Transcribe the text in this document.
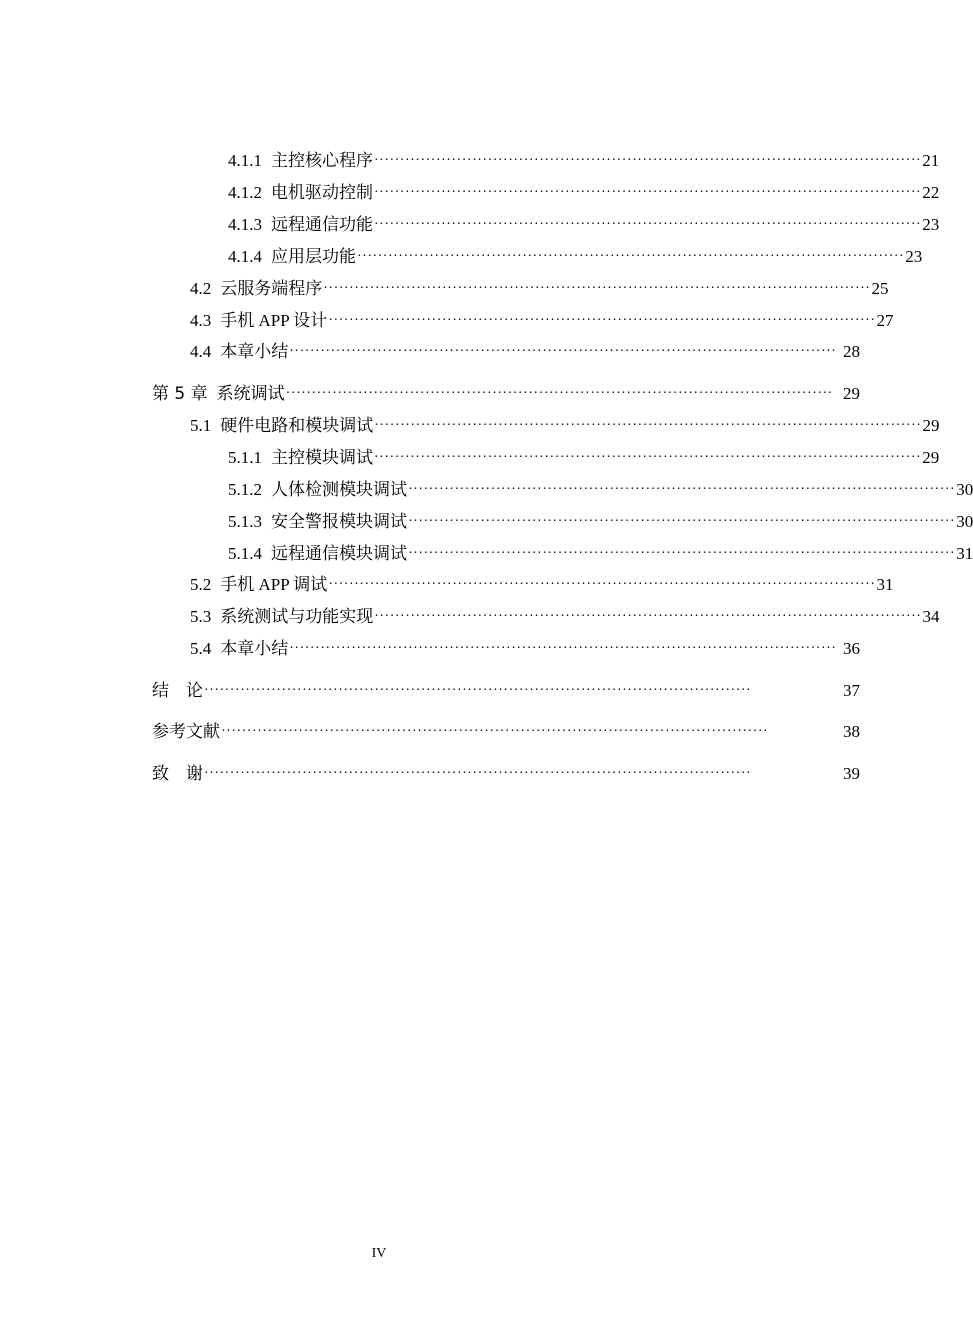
4.1.1 主控核心程序 ·········································································································· 21
4.1.2 电机驱动控制 ·········································································································· 22
4.1.3 远程通信功能 ·········································································································· 23
4.1.4 应用层功能 ·········································································································· 23
4.2 云服务端程序 ·········································································································· 25
4.3 手机 APP 设计 ·········································································································· 27
4.4 本章小结 ·········································································································· 28
第 5 章 系统调试 ·········································································································· 29
5.1 硬件电路和模块调试 ·········································································································· 29
5.1.1 主控模块调试 ·········································································································· 29
5.1.2 人体检测模块调试 ·········································································································· 30
5.1.3 安全警报模块调试 ·········································································································· 30
5.1.4 远程通信模块调试 ·········································································································· 31
5.2 手机 APP 调试 ·········································································································· 31
5.3 系统测试与功能实现 ·········································································································· 34
5.4 本章小结 ·········································································································· 36
结　论 ··········································································································	37
参考文献 ··········································································································	38
致　谢 ··········································································································	39
IV
